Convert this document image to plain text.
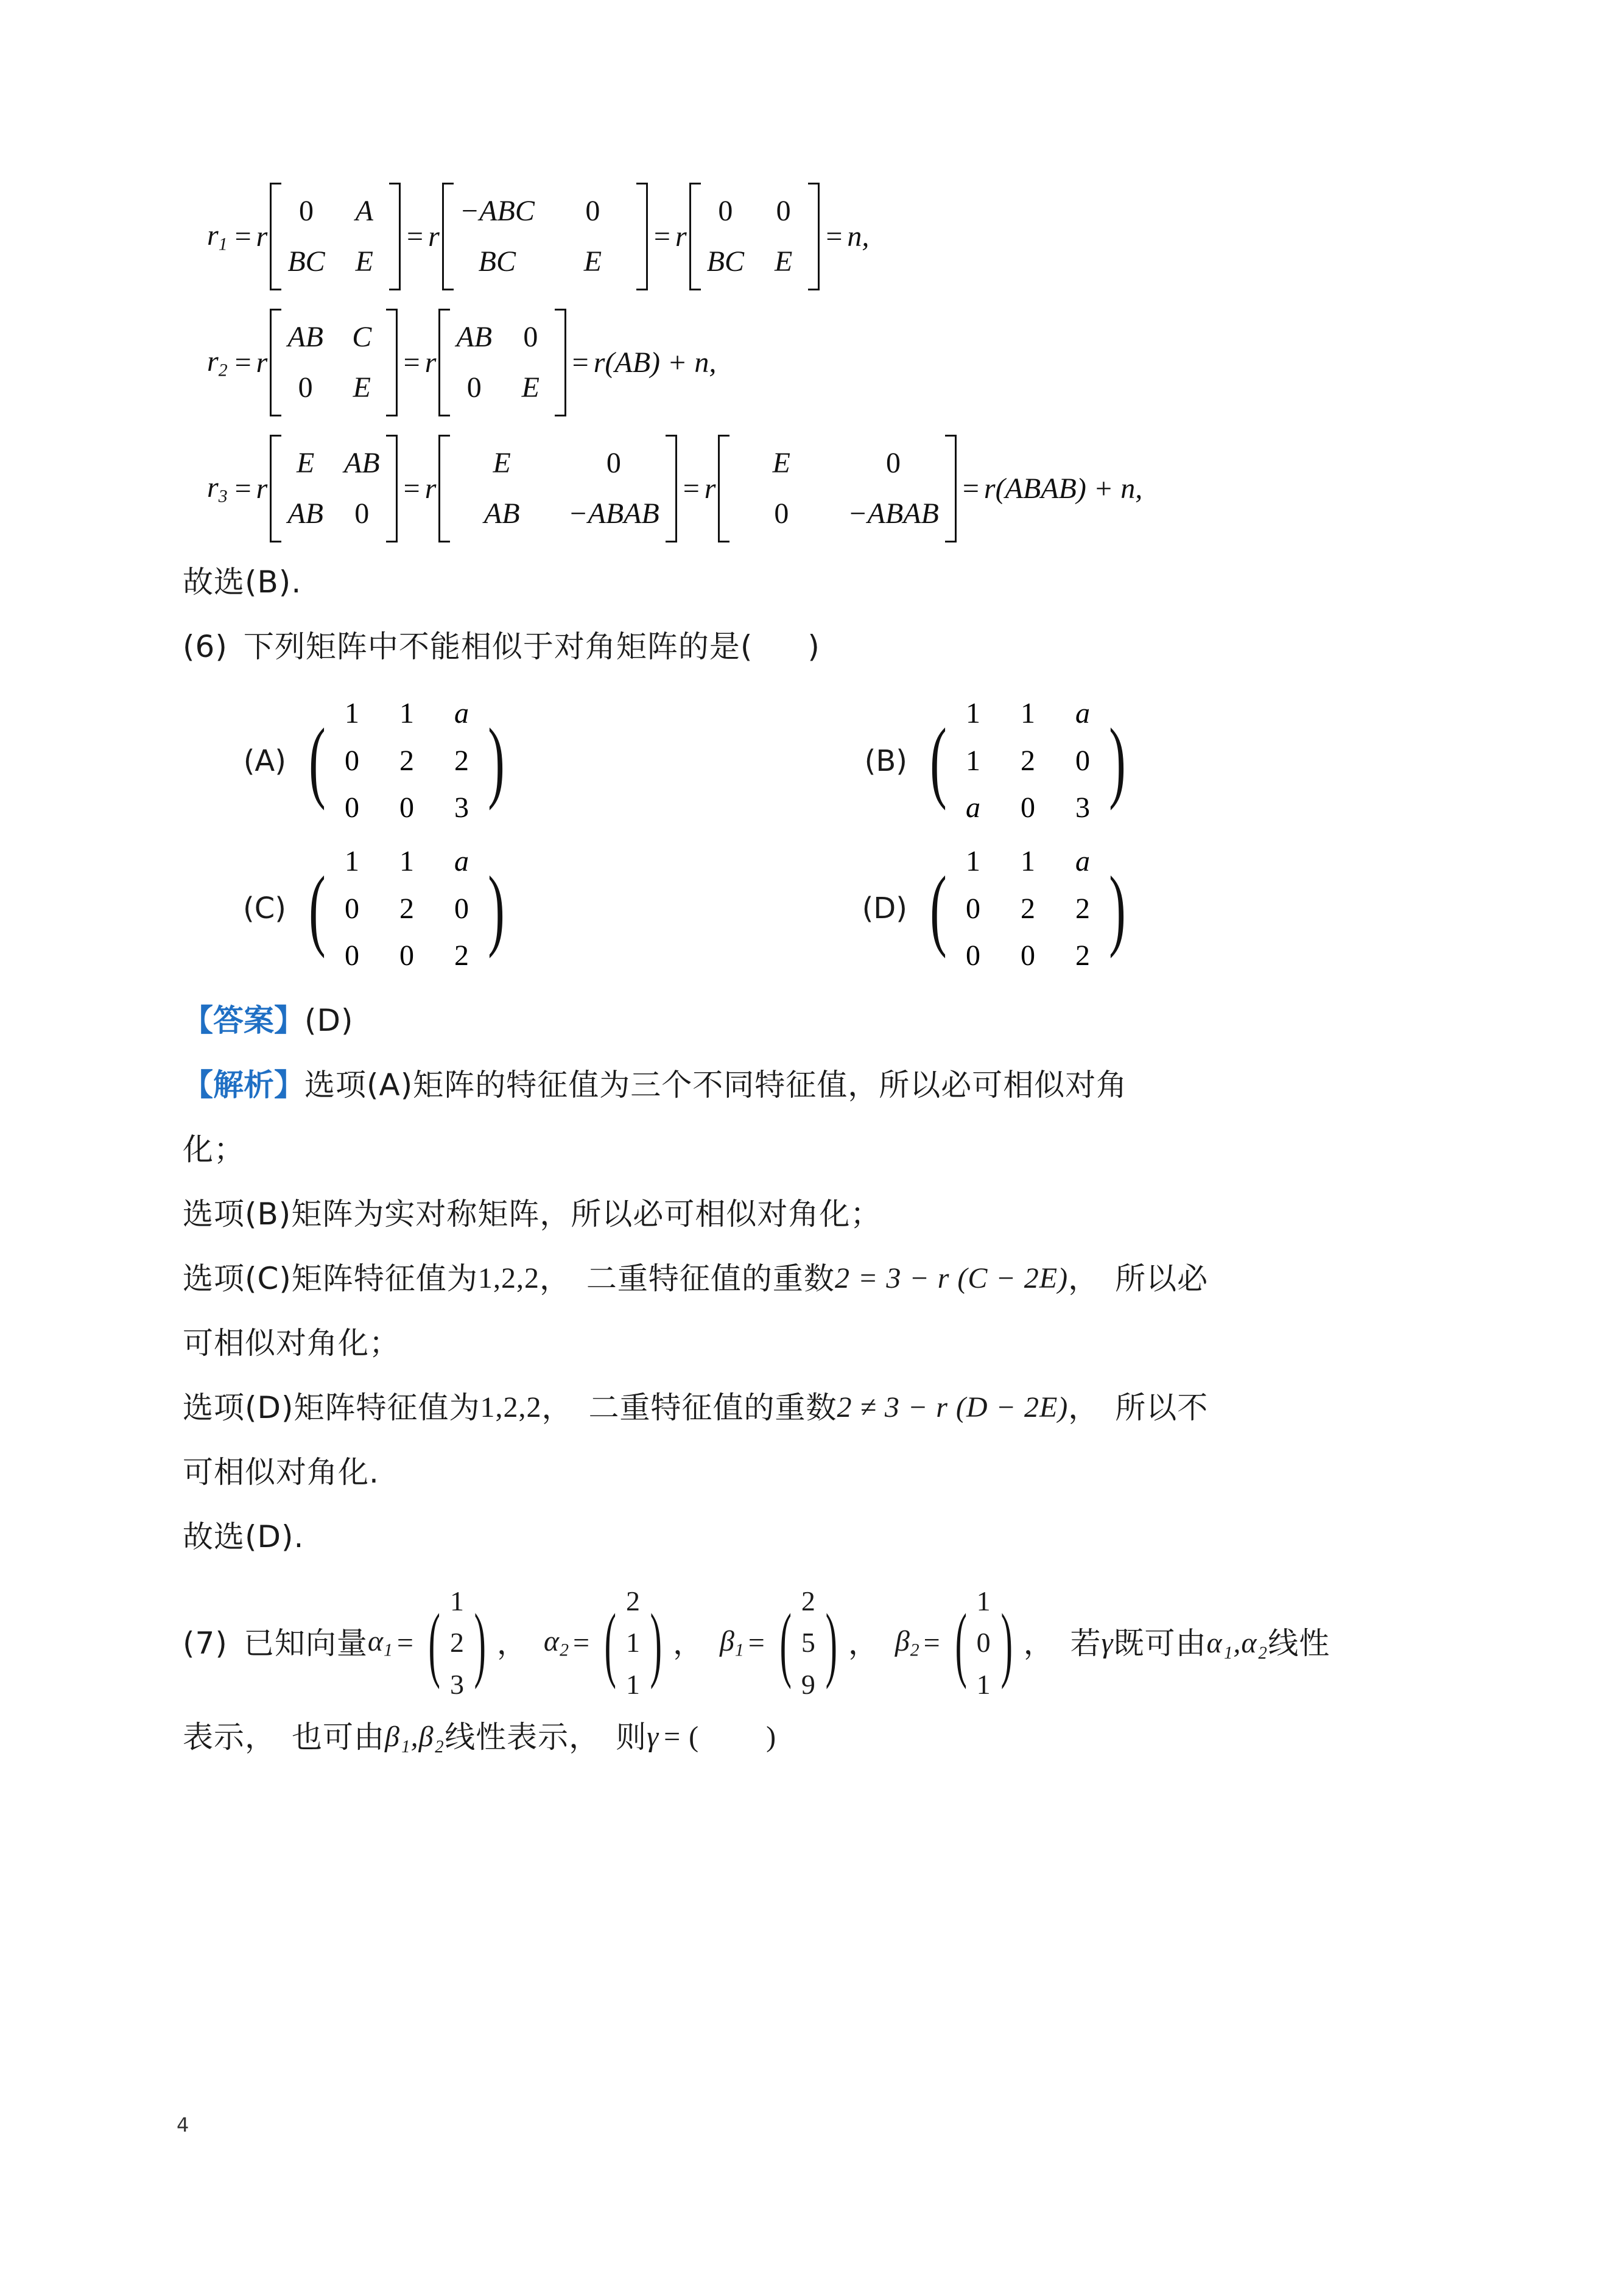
$r_1 = r$
0 A
BC E
= r
−ABC 0
BC E
= r
0 0
BC E
= n,
$r_2 = r$
AB C
0 E
= r
AB 0
0 E
= r(AB) + n,
$r_3 = r$
E AB
AB 0
= r
E	0
AB −ABAB
= r
E	0
0 −ABAB
= r(ABAB) + n,
故选(B).
(6) 下列矩阵中不能相似于对角矩阵的是( )
(A) ( 1 1 a
0 2 2
0 0 3 )	(B) ( 1 1 a
1 2 0
a 0 3 )
(C) ( 1 1 a
0 2 0
0 0 2 )	(D) ( 1 1 a
0 2 2
0 0 2 )
【答案】 (D)
【解析】 选项(A)矩阵的特征值为三个不同特征值，所以必可相似对角
化；
选项(B)矩阵为实对称矩阵，所以必可相似对角化；
选项(C)矩阵特征值为 1,2,2 ，　二重特征值的重数 2 = 3 − r (C − 2E) ，　所以必
可相似对角化；
选项(D)矩阵特征值为 1,2,2 ，　二重特征值的重数 2 ≠ 3 − r (D − 2E) ，　所以不
可相似对角化.
故选(D).
(7) 已知向量 $\alpha_1$ = ( 1
2
3 ) ， $\alpha_2$ = ( 2
1
1 ) ， $\beta_1$ = ( 2
5
9 ) ， $\beta_2$ = ( 1
0
1 ) ， 若 γ 既可由 α₁,α₂ 线性
表示，　也可由 β₁,β₂ 线性表示，　则 γ = ( )
4
